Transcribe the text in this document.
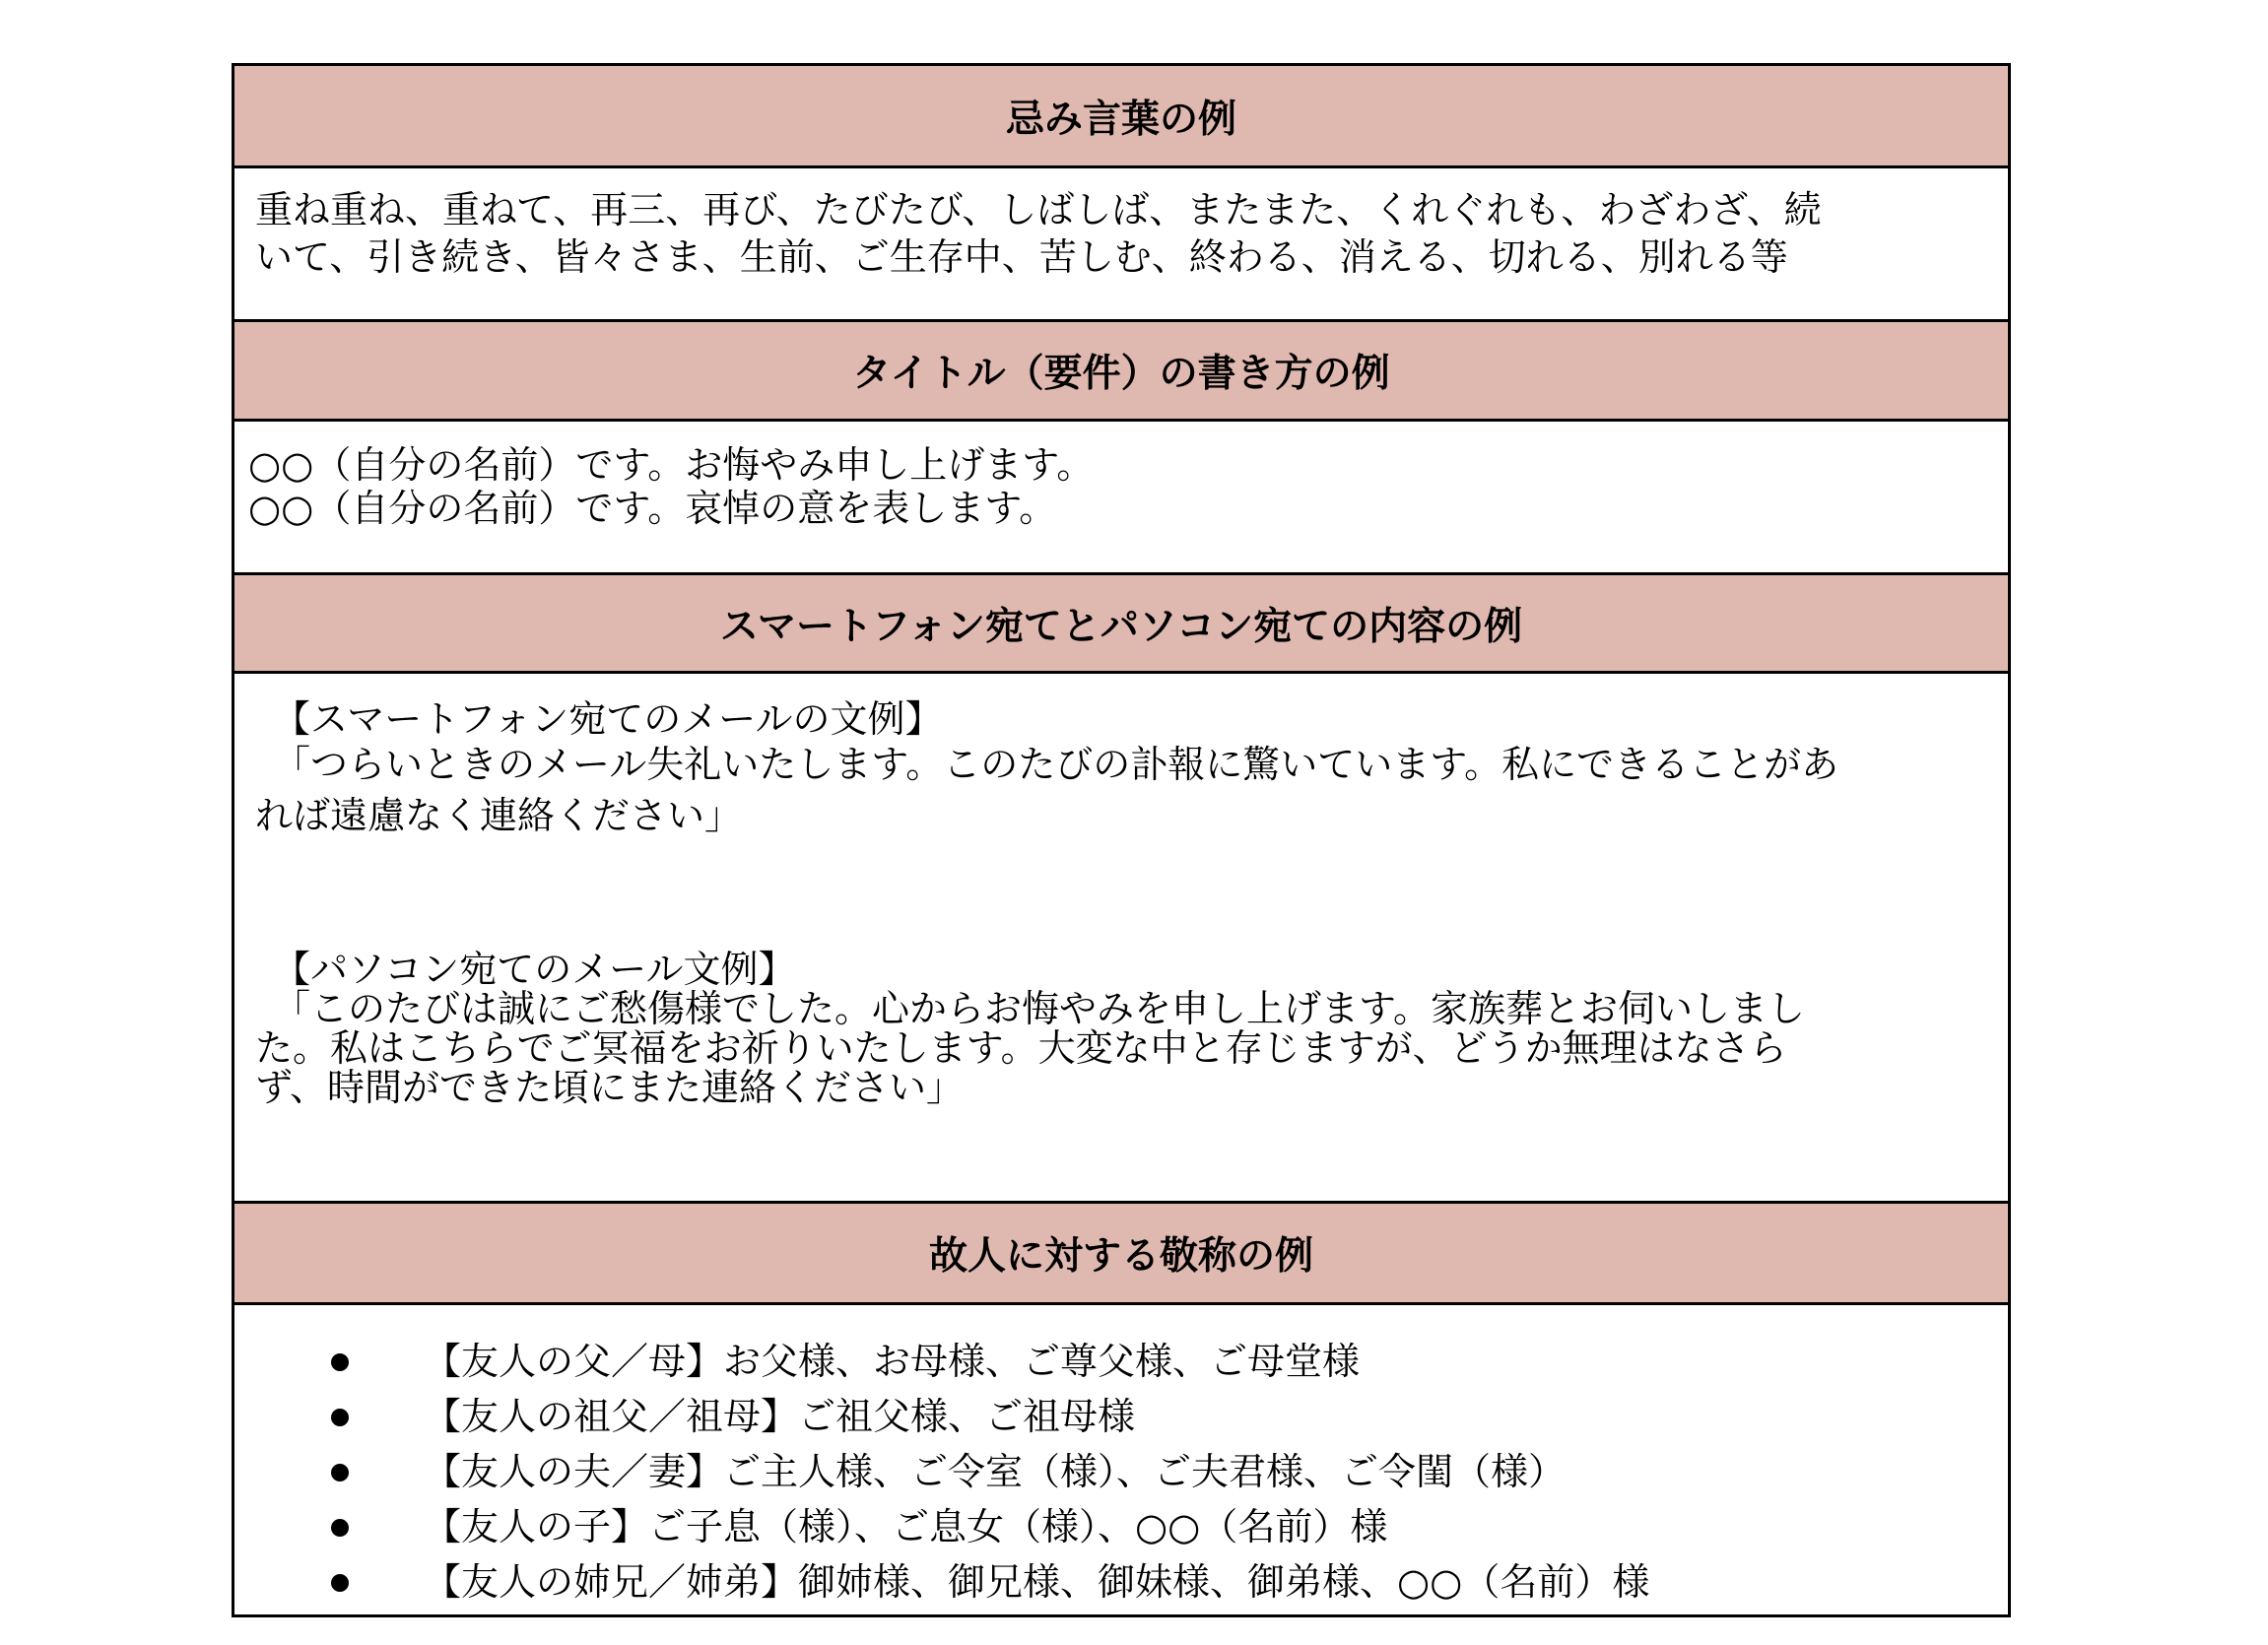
忌み言葉の例
重ね重ね、重ねて、再三、再び、たびたび、しばしば、またまた、くれぐれも、わざわざ、続
いて、引き続き、皆々さま、生前、ご生存中、苦しむ、終わる、消える、切れる、別れる等
タイトル（要件）の書き方の例
○○（自分の名前）です。お悔やみ申し上げます。
○○（自分の名前）です。哀悼の意を表します。
スマートフォン宛てとパソコン宛ての内容の例
【スマートフォン宛てのメールの文例】
「つらいときのメール失礼いたします。このたびの訃報に驚いています。私にできることがあ
れば遠慮なく連絡ください」
【パソコン宛てのメール文例】
「このたびは誠にご愁傷様でした。心からお悔やみを申し上げます。家族葬とお伺いしまし
た。私はこちらでご冥福をお祈りいたします。大変な中と存じますが、どうか無理はなさら
ず、時間ができた頃にまた連絡ください」
故人に対する敬称の例
【友人の父／母】お父様、お母様、ご尊父様、ご母堂様
【友人の祖父／祖母】ご祖父様、ご祖母様
【友人の夫／妻】ご主人様、ご令室（様）、ご夫君様、ご令閨（様）
【友人の子】ご子息（様）、ご息女（様）、○○（名前）様
【友人の姉兄／姉弟】御姉様、御兄様、御妹様、御弟様、○○（名前）様
